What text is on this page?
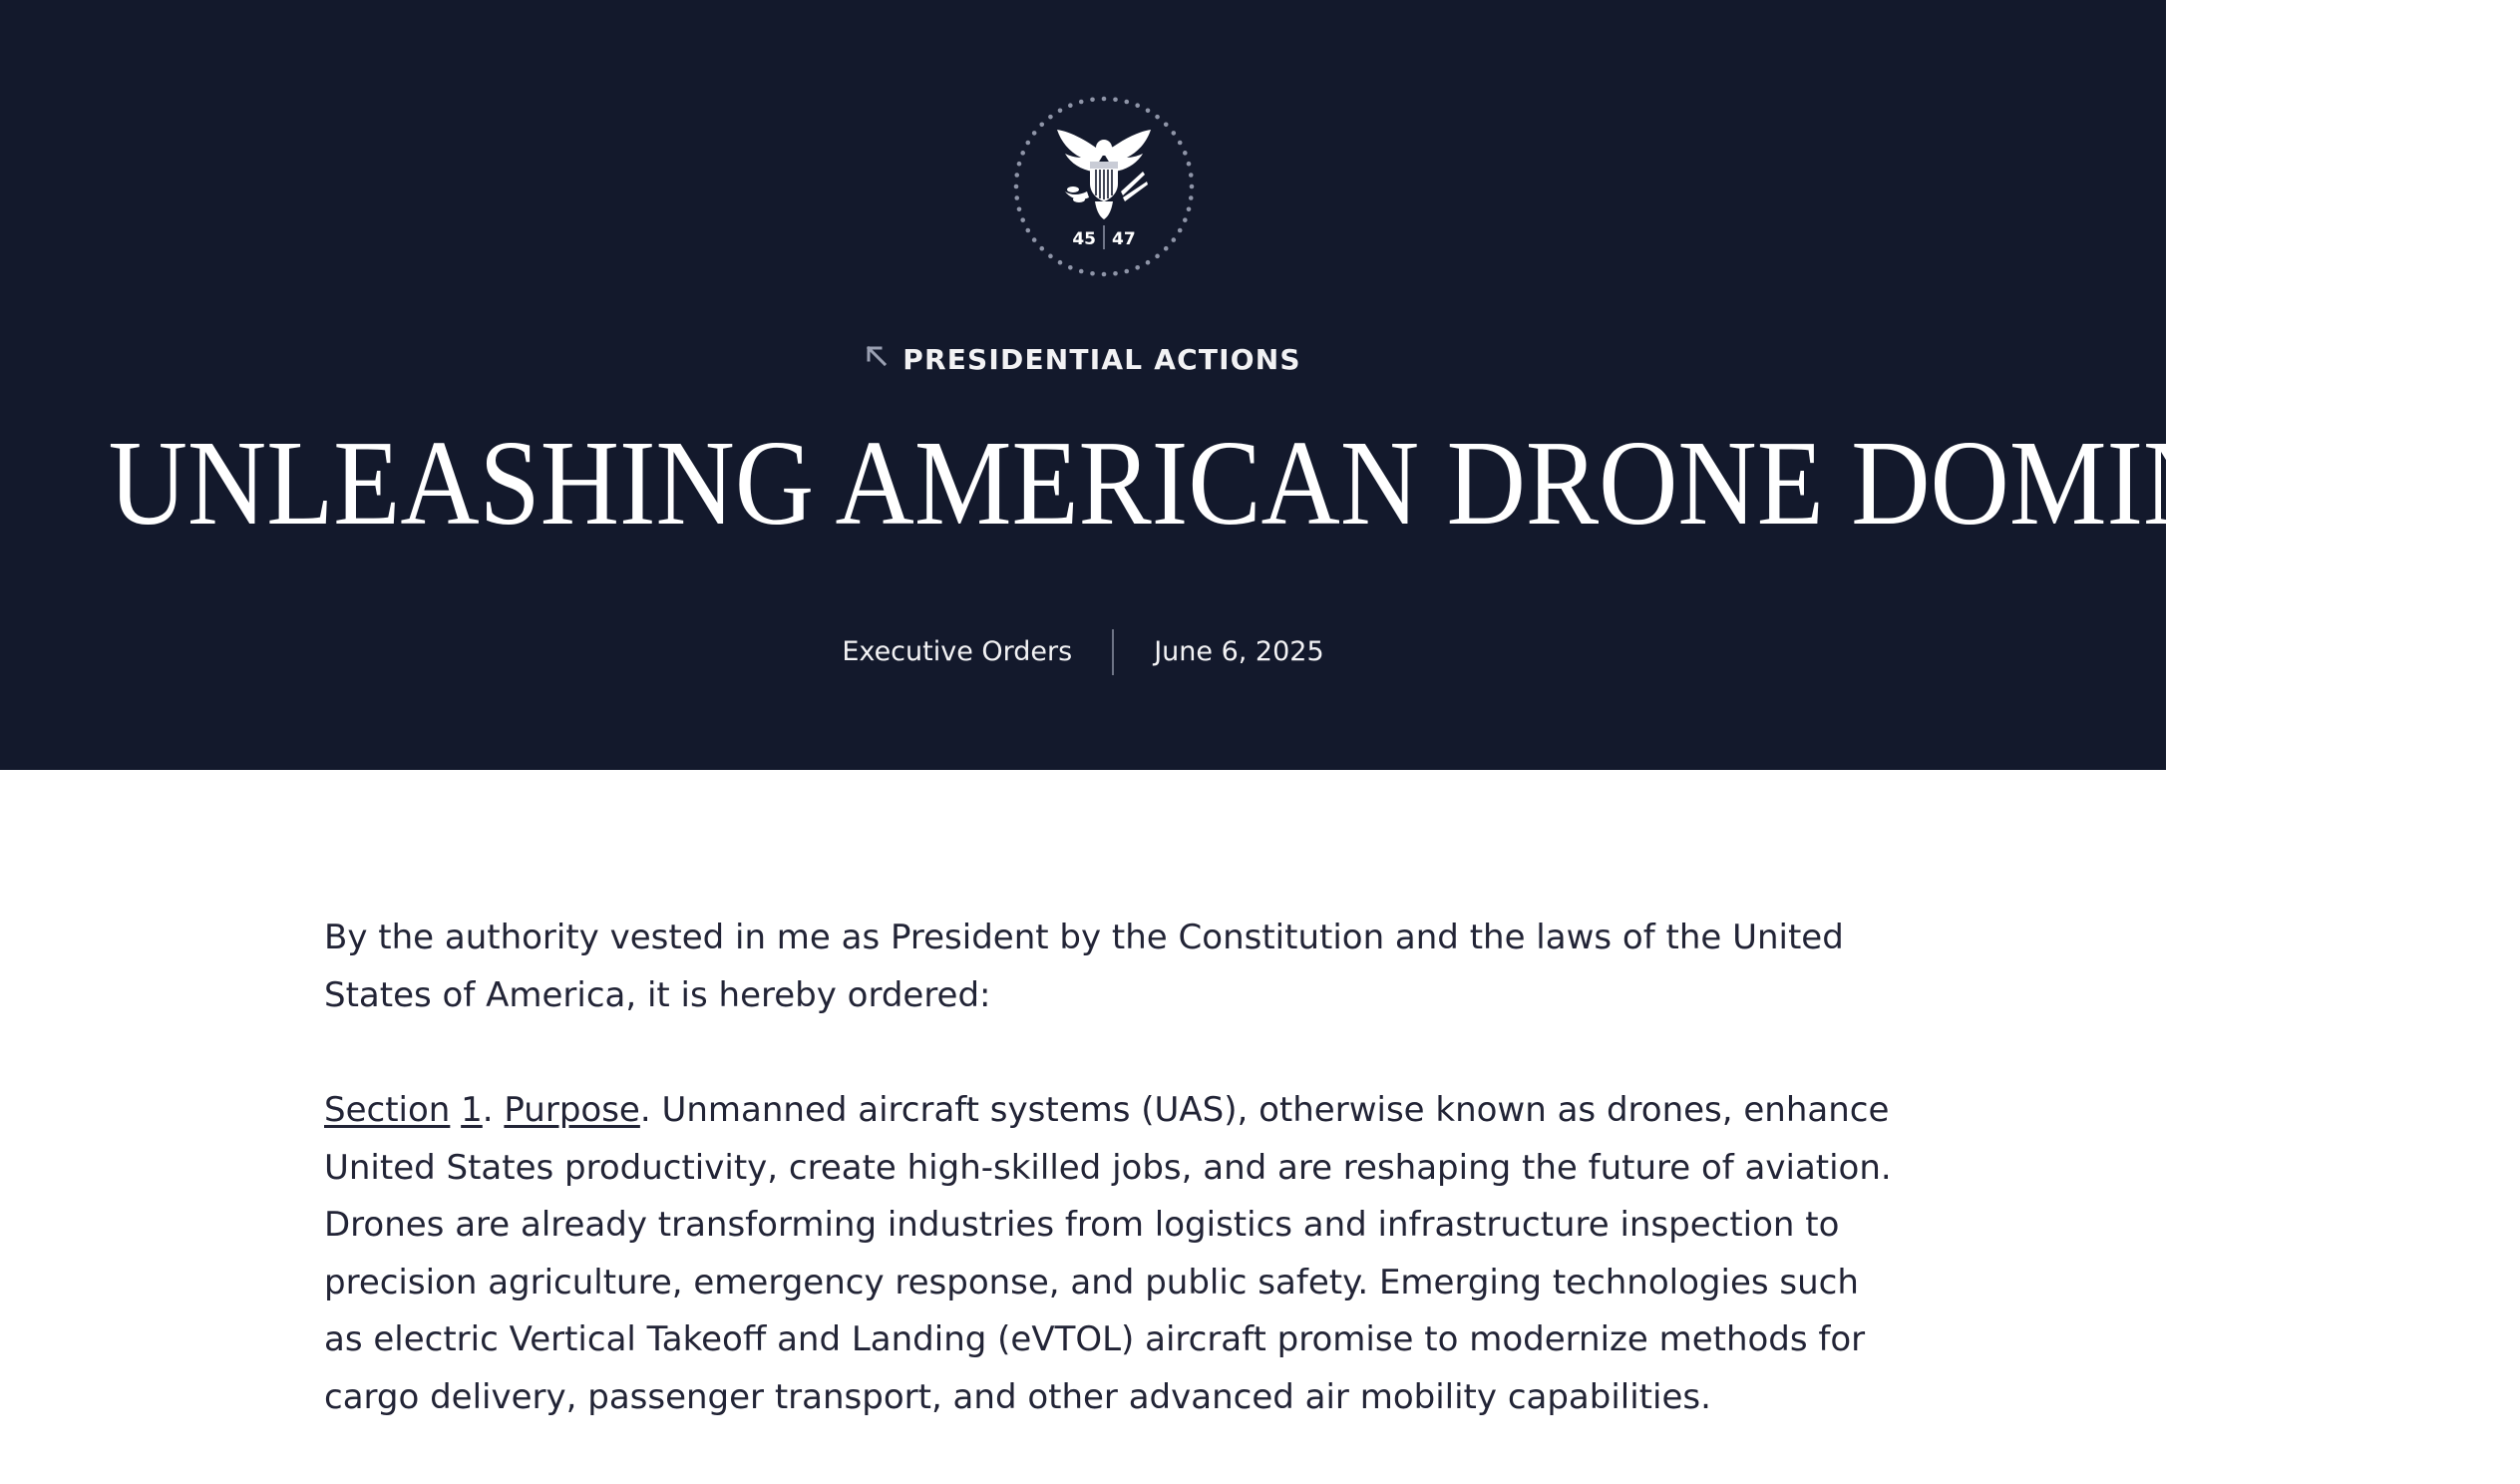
45 47
PRESIDENTIAL ACTIONS
UNLEASHING AMERICAN DRONE DOMINANCE
Executive Orders	June 6, 2025

By the authority vested in me as President by the Constitution and the laws of the United States of America, it is hereby ordered:

Section 1. Purpose. Unmanned aircraft systems (UAS), otherwise known as drones, enhance United States productivity, create high-skilled jobs, and are reshaping the future of aviation. Drones are already transforming industries from logistics and infrastructure inspection to precision agriculture, emergency response, and public safety. Emerging technologies such as electric Vertical Takeoff and Landing (eVTOL) aircraft promise to modernize methods for cargo delivery, passenger transport, and other advanced air mobility capabilities.
